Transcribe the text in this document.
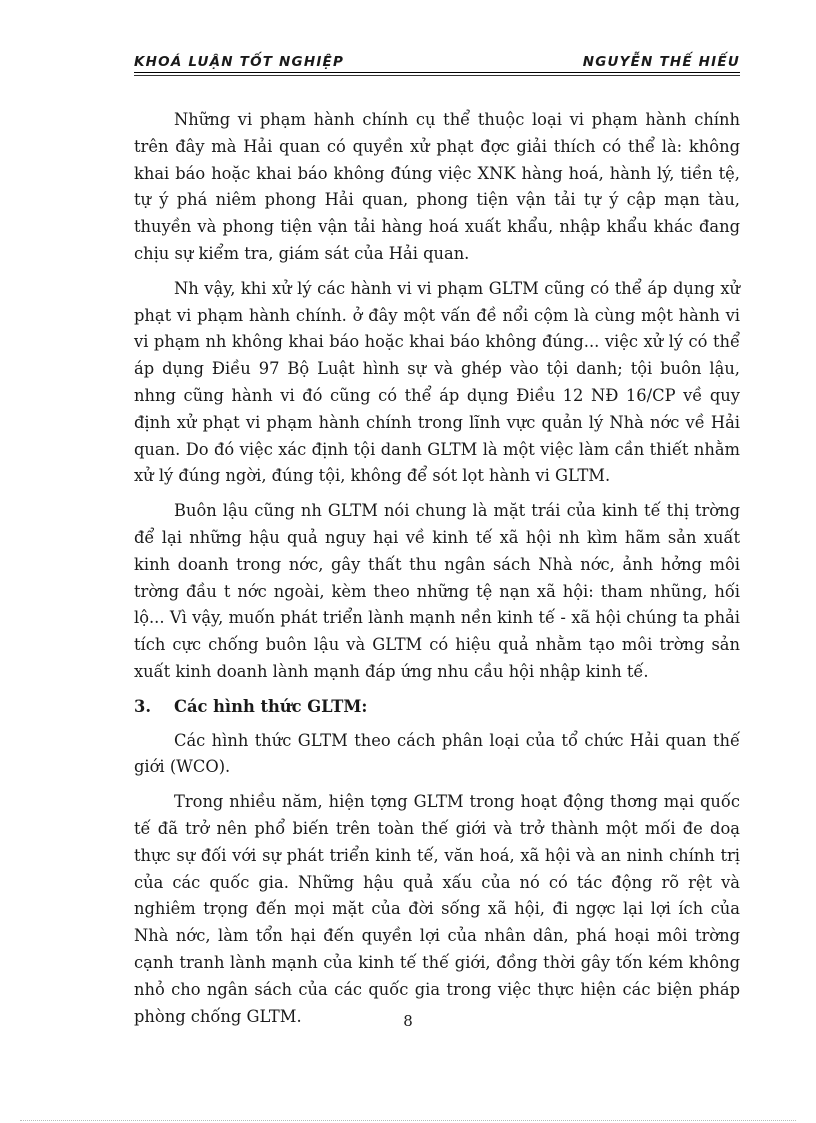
KHOÁ LUẬN TỐT NGHIỆP	NGUYỄN THẾ HIẾU

Những vi phạm hành chính cụ thể thuộc loại vi phạm hành chính trên đây mà Hải quan có quyền xử phạt đợc giải thích có thể là: không khai báo hoặc khai báo không đúng việc XNK hàng hoá, hành lý, tiền tệ, tự ý phá niêm phong Hải quan, phong tiện vận tải tự ý cập mạn tàu, thuyền và phong tiện vận tải hàng hoá xuất khẩu, nhập khẩu khác đang chịu sự kiểm tra, giám sát của Hải quan.

Nh vậy, khi xử lý các hành vi vi phạm GLTM cũng có thể áp dụng xử phạt vi phạm hành chính. ở đây một vấn đề nổi cộm là cùng một hành vi vi phạm nh không khai báo hoặc khai báo không đúng... việc xử lý có thể áp dụng Điều 97 Bộ Luật hình sự và ghép vào tội danh; tội buôn lậu, nhng cũng hành vi đó cũng có thể áp dụng Điều 12 NĐ 16/CP về quy định xử phạt vi phạm hành chính trong lĩnh vực quản lý Nhà nớc về Hải quan. Do đó việc xác định tội danh GLTM là một việc làm cần thiết nhằm xử lý đúng ngời, đúng tội, không để sót lọt hành vi GLTM.

Buôn lậu cũng nh GLTM nói chung là mặt trái của kinh tế thị trờng để lại những hậu quả nguy hại về kinh tế xã hội nh kìm hãm sản xuất kinh doanh trong nớc, gây thất thu ngân sách Nhà nớc, ảnh hởng môi trờng đầu t nớc ngoài, kèm theo những tệ nạn xã hội: tham nhũng, hối lộ... Vì vậy, muốn phát triển lành mạnh nền kinh tế - xã hội chúng ta phải tích cực chống buôn lậu và GLTM có hiệu quả nhằm tạo môi trờng sản xuất kinh doanh lành mạnh đáp ứng nhu cầu hội nhập kinh tế.

3.	Các hình thức GLTM:

Các hình thức GLTM theo cách phân loại của tổ chức Hải quan thế giới (WCO).

Trong nhiều năm, hiện tợng GLTM trong hoạt động thơng mại quốc tế đã trở nên phổ biến trên toàn thế giới và trở thành một mối đe doạ thực sự đối với sự phát triển kinh tế, văn hoá, xã hội và an ninh chính trị của các quốc gia. Những hậu quả xấu của nó có tác động rõ rệt và nghiêm trọng đến mọi mặt của đời sống xã hội, đi ngợc lại lợi ích của Nhà nớc, làm tổn hại đến quyền lợi của nhân dân, phá hoại môi trờng cạnh tranh lành mạnh của kinh tế thế giới, đồng thời gây tốn kém không nhỏ cho ngân sách của các quốc gia trong việc thực hiện các biện pháp phòng chống GLTM.	8
